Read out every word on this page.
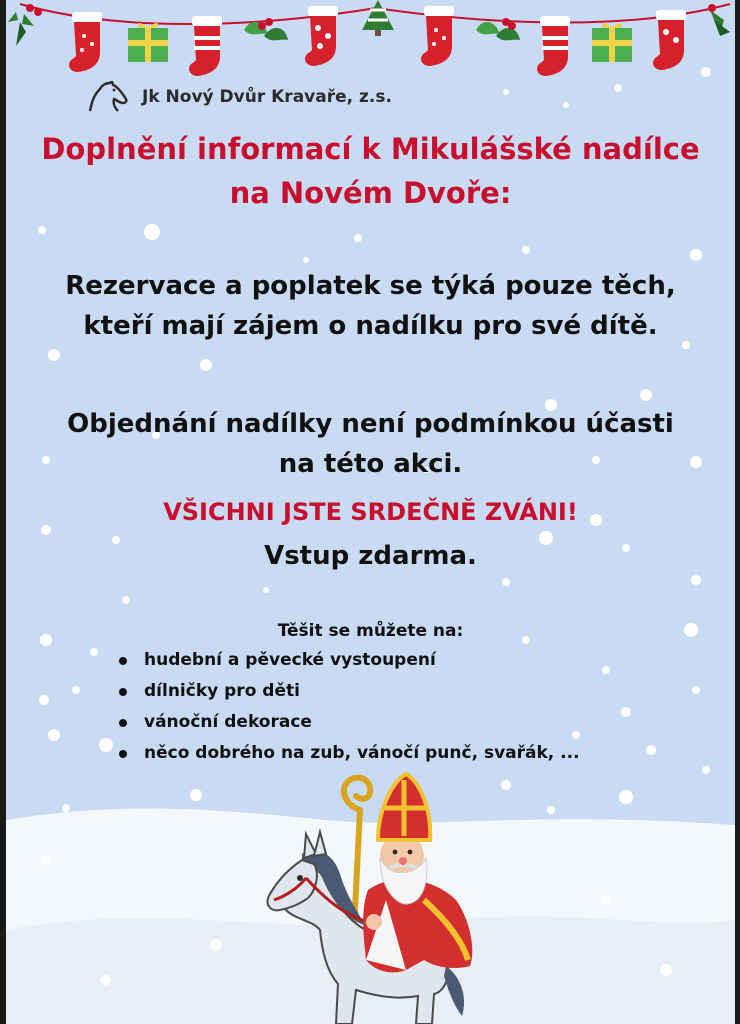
Jk Nový Dvůr Kravaře, z.s.
Doplnění informací k Mikulášské nadílce
na Novém Dvoře:
Rezervace a poplatek se týká pouze těch,
kteří mají zájem o nadílku pro své dítě.
Objednání nadílky není podmínkou účasti
na této akci.
VŠICHNI JSTE SRDEČNĚ ZVÁNI!
Vstup zdarma.
Těšit se můžete na:
hudební a pěvecké vystoupení
dílničky pro děti
vánoční dekorace
něco dobrého na zub, vánočí punč, svařák, ...
